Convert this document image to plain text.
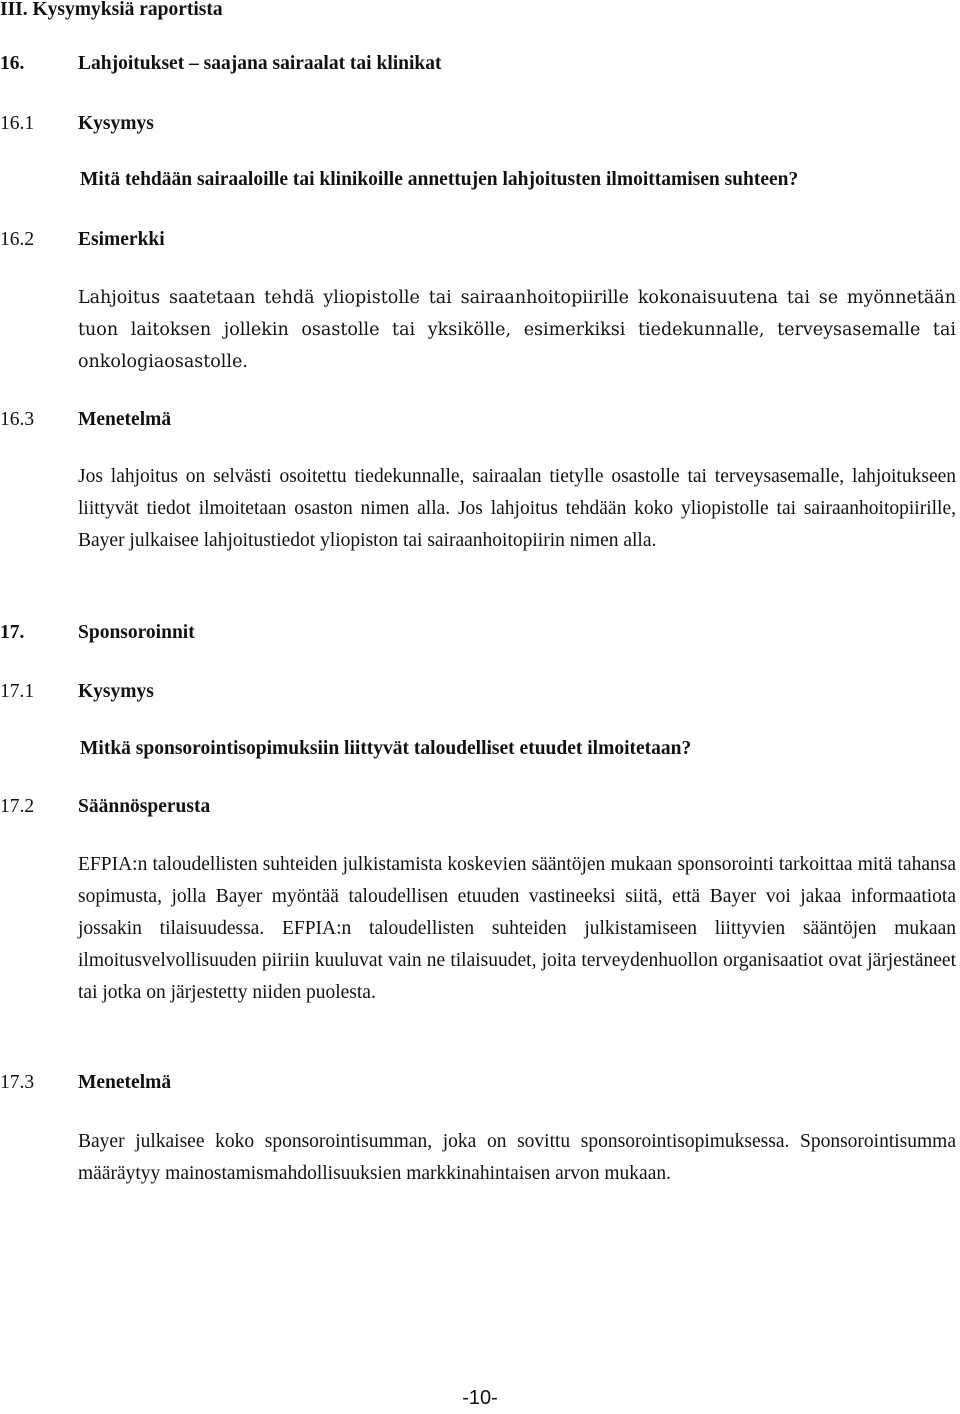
III. Kysymyksiä raportista
16.	Lahjoitukset – saajana sairaalat tai klinikat
16.1 Kysymys
Mitä tehdään sairaaloille tai klinikoille annettujen lahjoitusten ilmoittamisen suhteen?
16.2 Esimerkki
Lahjoitus saatetaan tehdä yliopistolle tai sairaanhoitopiirille kokonaisuutena tai se myönnetään tuon laitoksen jollekin osastolle tai yksikölle, esimerkiksi tiedekunnalle, terveysasemalle tai onkologiaosastolle.
16.3 Menetelmä
Jos lahjoitus on selvästi osoitettu tiedekunnalle, sairaalan tietylle osastolle tai terveysasemalle, lahjoitukseen liittyvät tiedot ilmoitetaan osaston nimen alla. Jos lahjoitus tehdään koko yliopistolle tai sairaanhoitopiirille, Bayer julkaisee lahjoitustiedot yliopiston tai sairaanhoitopiirin nimen alla.
17.	Sponsoroinnit
17.1 Kysymys
Mitkä sponsorointisopimuksiin liittyvät taloudelliset etuudet ilmoitetaan?
17.2 Säännösperusta
EFPIA:n taloudellisten suhteiden julkistamista koskevien sääntöjen mukaan sponsorointi tarkoittaa mitä tahansa sopimusta, jolla Bayer myöntää taloudellisen etuuden vastineeksi siitä, että Bayer voi jakaa informaatiota jossakin tilaisuudessa. EFPIA:n taloudellisten suhteiden julkistamiseen liittyvien sääntöjen mukaan ilmoitusvelvollisuuden piiriin kuuluvat vain ne tilaisuudet, joita terveydenhuollon organisaatiot ovat järjestäneet tai jotka on järjestetty niiden puolesta.
17.3 Menetelmä
Bayer julkaisee koko sponsorointisumman, joka on sovittu sponsorointisopimuksessa. Sponsorointisumma määräytyy mainostamismahdollisuuksien markkinahintaisen arvon mukaan.
-10-
